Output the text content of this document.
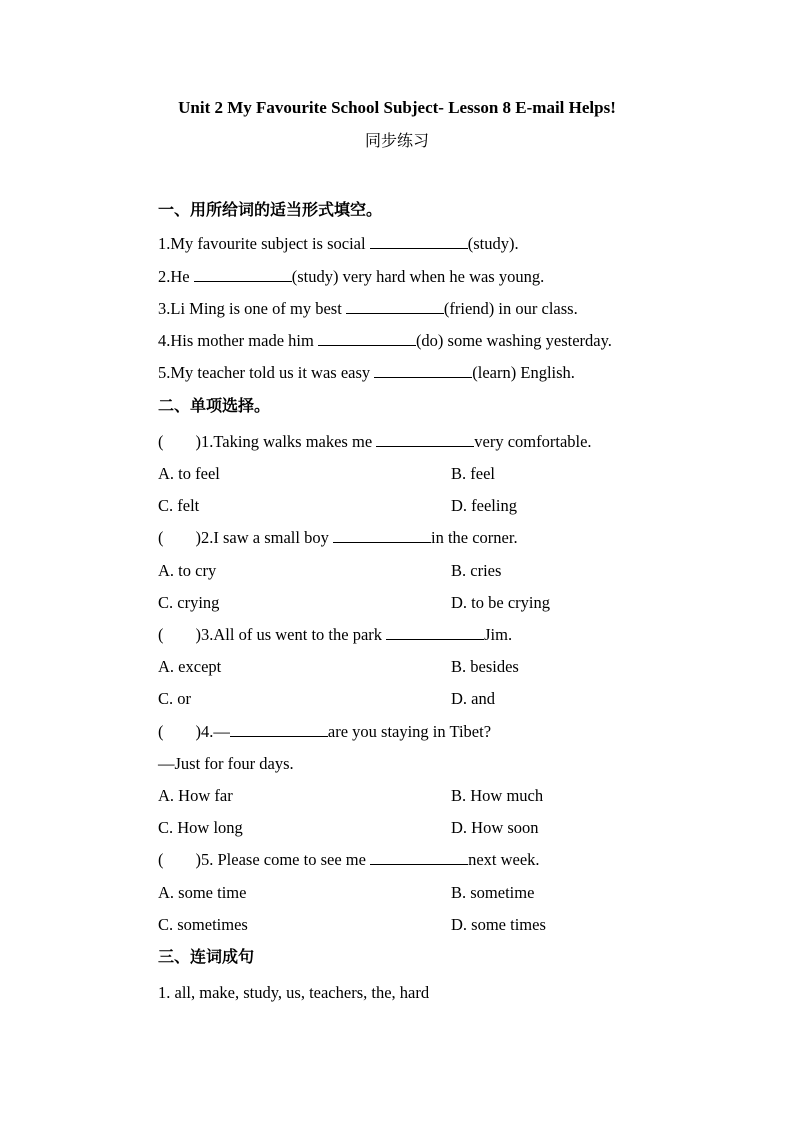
Unit 2 My Favourite School Subject- Lesson 8 E-mail Helps!
同步练习
一、用所给词的适当形式填空。
1.My favourite subject is social	(study).
2.He	(study) very hard when he was young.
3.Li Ming is one of my best	(friend) in our class.
4.His mother made him	(do) some washing yesterday.
5.My teacher told us it was easy	(learn) English.
二、单项选择。
( )1.Taking walks makes me	very comfortable.
A. to feel	B. feel
C. felt	D. feeling
( )2.I saw a small boy	in the corner.
A. to cry	B. cries
C. crying	D. to be crying
( )3.All of us went to the park	Jim.
A. except	B. besides
C. or	D. and
( )4.—	are you staying in Tibet?
—Just for four days.
A. How far	B. How much
C. How long	D. How soon
( )5. Please come to see me	next week.
A. some time	B. sometime
C. sometimes	D. some times
三、连词成句
1. all, make, study, us, teachers, the, hard
